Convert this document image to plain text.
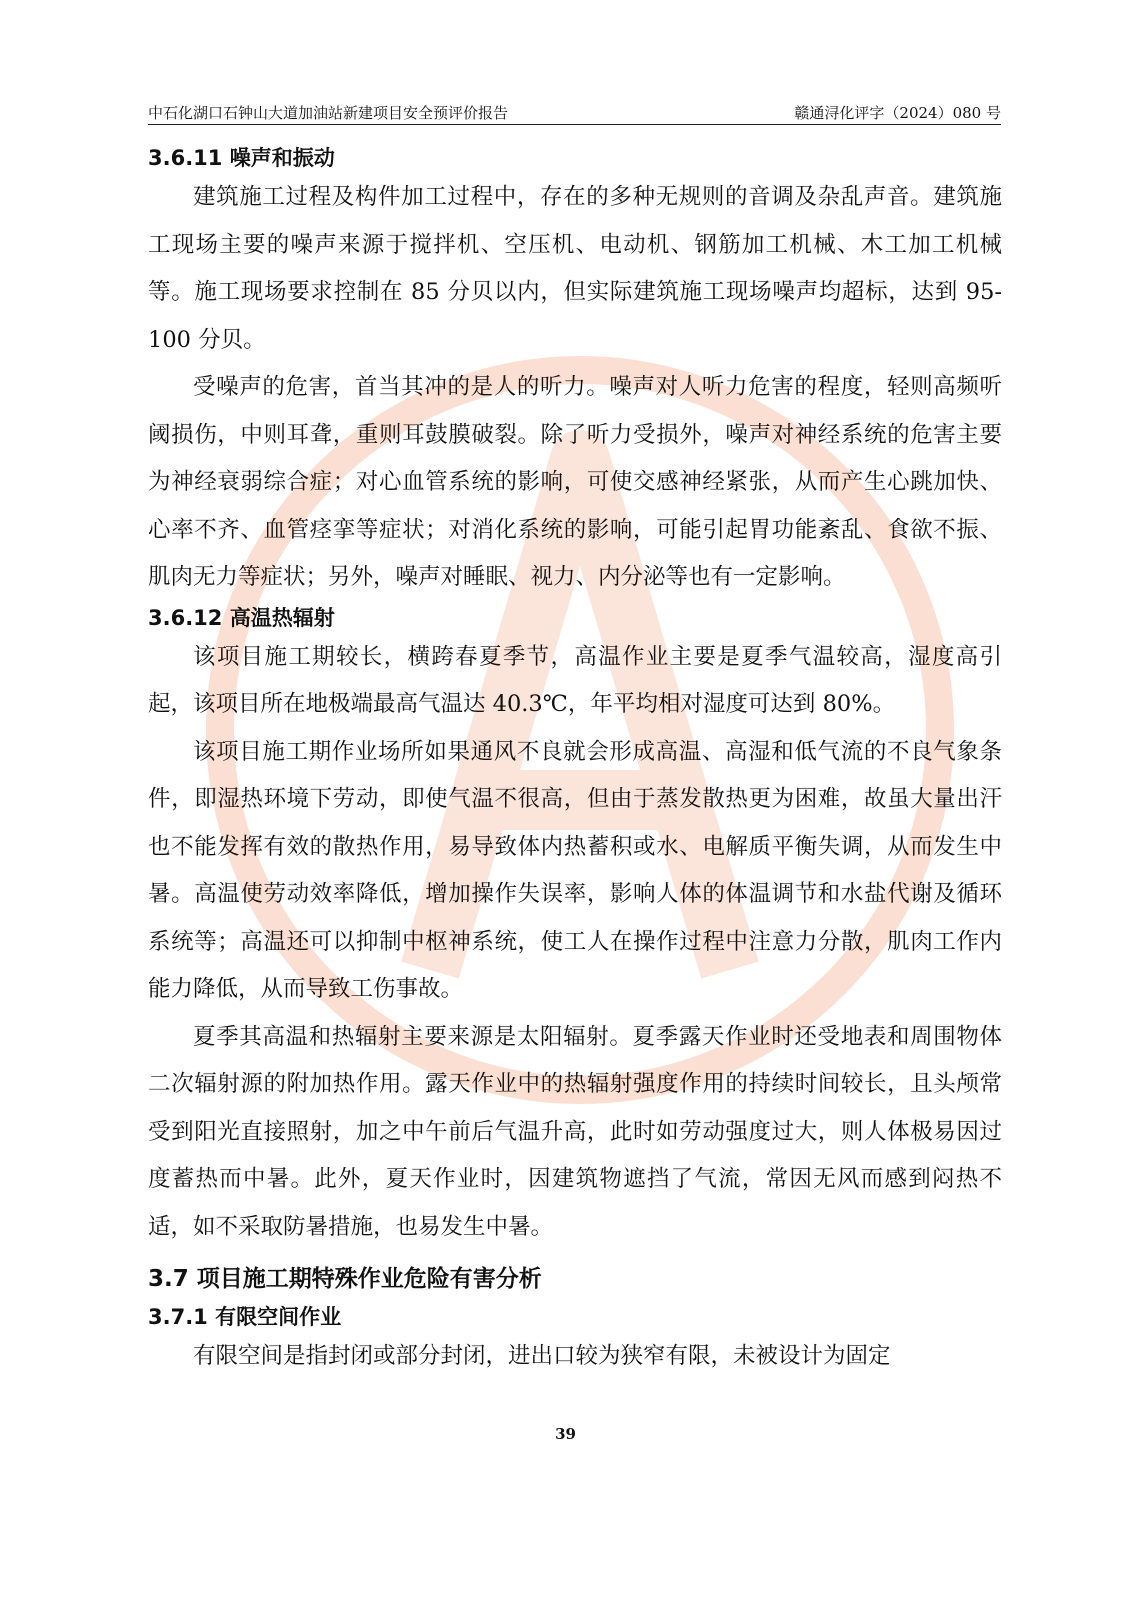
中石化湖口石钟山大道加油站新建项目安全预评价报告	赣通浔化评字（2024）080 号
3.6.11 噪声和振动

建筑施工过程及构件加工过程中，存在的多种无规则的音调及杂乱声音。建筑施工现场主要的噪声来源于搅拌机、空压机、电动机、钢筋加工机械、木工加工机械等。施工现场要求控制在 85 分贝以内，但实际建筑施工现场噪声均超标，达到 95-100 分贝。

受噪声的危害，首当其冲的是人的听力。噪声对人听力危害的程度，轻则高频听阈损伤，中则耳聋，重则耳鼓膜破裂。除了听力受损外，噪声对神经系统的危害主要为神经衰弱综合症；对心血管系统的影响，可使交感神经紧张，从而产生心跳加快、心率不齐、血管痉挛等症状；对消化系统的影响，可能引起胃功能紊乱、食欲不振、肌肉无力等症状；另外，噪声对睡眠、视力、内分泌等也有一定影响。

3.6.12 高温热辐射

该项目施工期较长，横跨春夏季节，高温作业主要是夏季气温较高，湿度高引起，该项目所在地极端最高气温达 40.3℃，年平均相对湿度可达到 80%。

该项目施工期作业场所如果通风不良就会形成高温、高湿和低气流的不良气象条件，即湿热环境下劳动，即使气温不很高，但由于蒸发散热更为困难，故虽大量出汗也不能发挥有效的散热作用，易导致体内热蓄积或水、电解质平衡失调，从而发生中暑。高温使劳动效率降低，增加操作失误率，影响人体的体温调节和水盐代谢及循环系统等；高温还可以抑制中枢神系统，使工人在操作过程中注意力分散，肌肉工作内能力降低，从而导致工伤事故。

夏季其高温和热辐射主要来源是太阳辐射。夏季露天作业时还受地表和周围物体二次辐射源的附加热作用。露天作业中的热辐射强度作用的持续时间较长，且头颅常受到阳光直接照射，加之中午前后气温升高，此时如劳动强度过大，则人体极易因过度蓄热而中暑。此外，夏天作业时，因建筑物遮挡了气流，常因无风而感到闷热不适，如不采取防暑措施，也易发生中暑。

3.7 项目施工期特殊作业危险有害分析
3.7.1 有限空间作业

有限空间是指封闭或部分封闭，进出口较为狭窄有限，未被设计为固定

39
